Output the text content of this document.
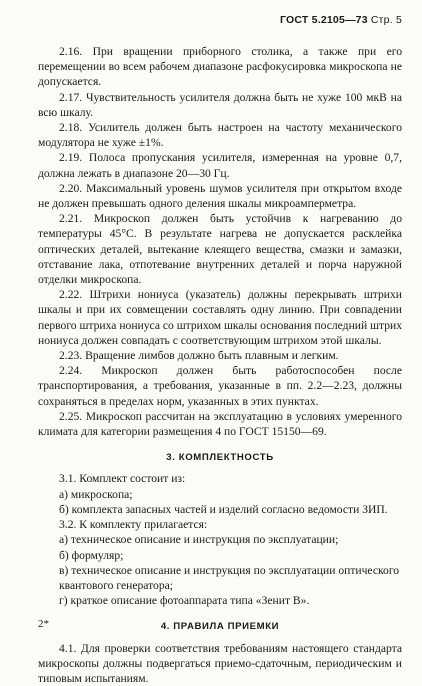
ГОСТ 5.2105—73 Стр. 5

2.16. При вращении приборного столика, а также при его перемещении во всем рабочем диапазоне расфокусировка микроскопа не допускается.

2.17. Чувствительность усилителя должна быть не хуже 100 мкВ на всю шкалу.

2.18. Усилитель должен быть настроен на частоту механического модулятора не хуже ±1%.

2.19. Полоса пропускания усилителя, измеренная на уровне 0,7, должна лежать в диапазоне 20—30 Гц.

2.20. Максимальный уровень шумов усилителя при открытом входе не должен превышать одного деления шкалы микроамперметра.

2.21. Микроскоп должен быть устойчив к нагреванию до температуры 45°С. В результате нагрева не допускается расклейка оптических деталей, вытекание клеящего вещества, смазки и замазки, отставание лака, отпотевание внутренних деталей и порча наружной отделки микроскопа.

2.22. Штрихи нониуса (указатель) должны перекрывать штрихи шкалы и при их совмещении составлять одну линию. При совпадении первого штриха нониуса со штрихом шкалы основания последний штрих нониуса должен совпадать с соответствующим штрихом этой шкалы.

2.23. Вращение лимбов должно быть плавным и легким.

2.24. Микроскоп должен быть работоспособен после транспортирования, а требования, указанные в пп. 2.2—2.23, должны сохраняться в пределах норм, указанных в этих пунктах.

2.25. Микроскоп рассчитан на эксплуатацию в условиях умеренного климата для категории размещения 4 по ГОСТ 15150—69.

3. КОМПЛЕКТНОСТЬ

3.1. Комплект состоит из:

а) микроскопа;

б) комплекта запасных частей и изделий согласно ведомости ЗИП.

3.2. К комплекту прилагается:

а) техническое описание и инструкция по эксплуатации;

б) формуляр;

в) техническое описание и инструкция по эксплуатации оптического квантового генератора;

г) краткое описание фотоаппарата типа «Зенит В».

4. ПРАВИЛА ПРИЕМКИ

4.1. Для проверки соответствия требованиям настоящего стандарта микроскопы должны подвергаться приемо-сдаточным, периодическим и типовым испытаниям.

2*
